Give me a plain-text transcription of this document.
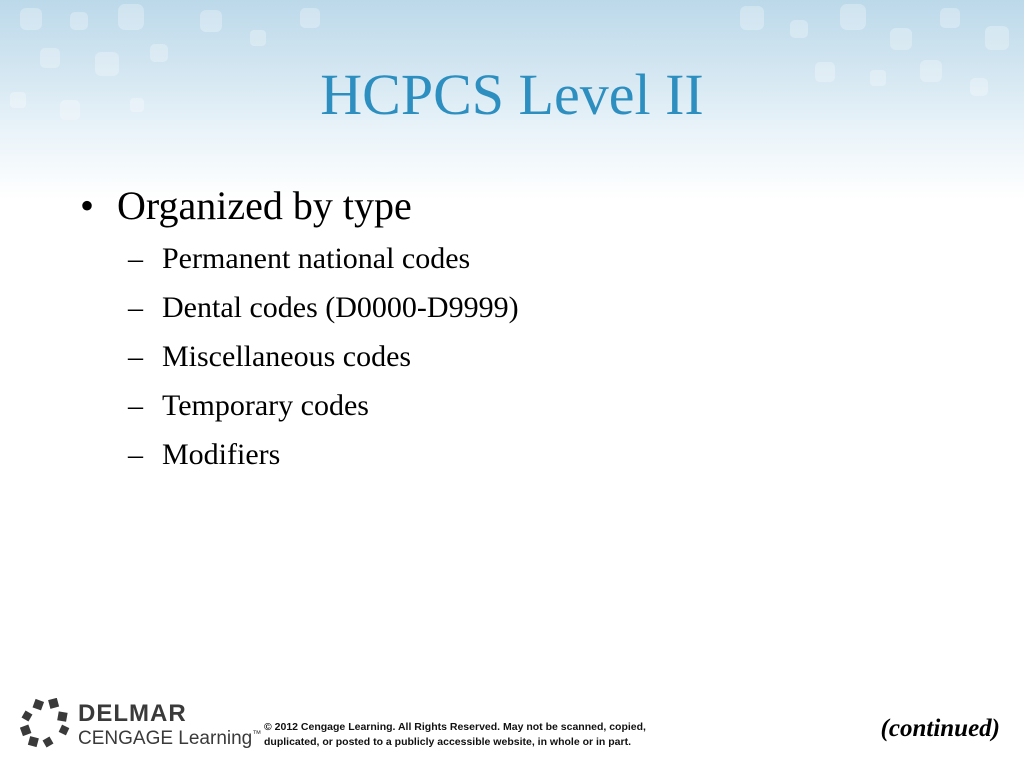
HCPCS Level II
• Organized by type
– Permanent national codes
– Dental codes (D0000-D9999)
– Miscellaneous codes
– Temporary codes
– Modifiers
DELMAR
CENGAGE Learning™
© 2012 Cengage Learning. All Rights Reserved. May not be scanned, copied,
duplicated, or posted to a publicly accessible website, in whole or in part.
(continued)
